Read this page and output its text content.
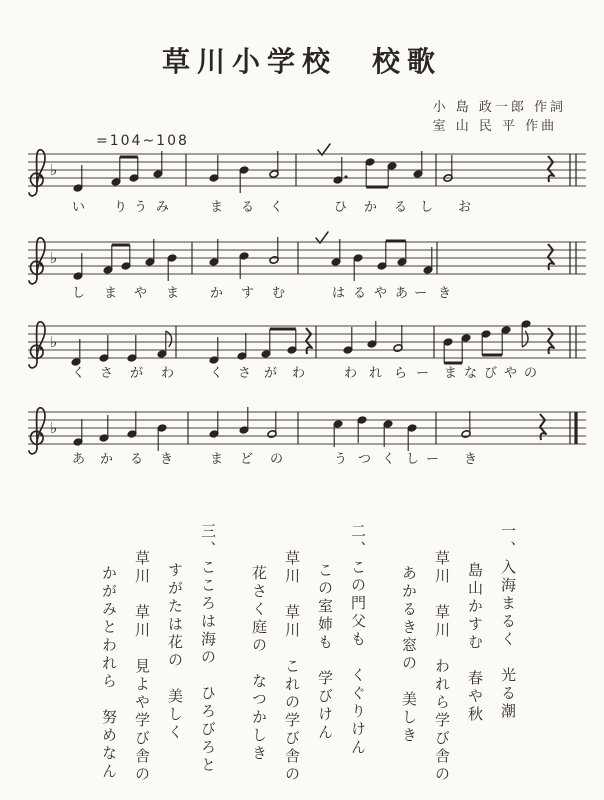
草川小学校　校歌
小 島 政一郎 作詞
室 山 民 平 作曲
=104~108
♭
い り う み	ま る く	ひ か る し お
♭
し ま や ま か す む	は る や あ ー き
♭
く さ が わ	く さ が わ	わ れ ら ー ま な び や の
♭
あ か る き	ま ど の	う つ く し ー き
一、入海まるく　光る潮
島山かすむ　春や秋
草川　草川　われら学び舎の
あかるき窓の　美しき
二、この門父も　くぐりけん
この室姉も　学びけん
草川　草川　これの学び舎の
花さく庭の　なつかしき
三、こころは海の　ひろびろと
すがたは花の　美しく
草川　草川　見よや学び舎の
かがみとわれら　努めなん
